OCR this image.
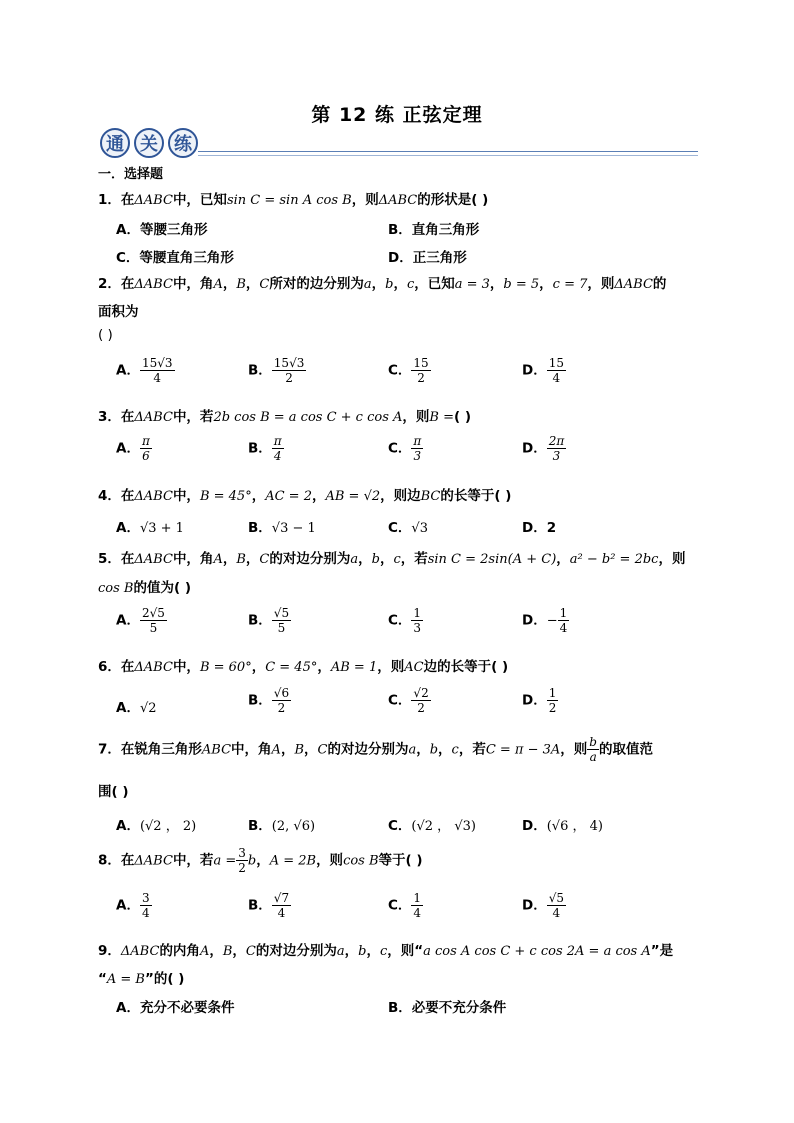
第 12 练 正弦定理
通 关 练
一．选择题
1．在ΔABC中，已知sin C = sin A cos B，则ΔABC的形状是( )
A．等腰三角形	B．直角三角形
C．等腰直角三角形	D．正三角形
2．在ΔABC中，角A，B，C所对的边分别为a，b，c，已知a = 3，b = 5，c = 7，则ΔABC的
面积为
( )
A． $\frac{15√3}{4}$	B． $\frac{15√3}{2}$	C． $\frac{15}{2}$	D． $\frac{15}{4}$
3．在ΔABC中，若2b cos B = a cos C + c cos A，则B =( )
A． $\frac{\pi}{6}$	B． $\frac{\pi}{4}$	C． $\frac{\pi}{3}$	D． $\frac{2\pi}{3}$
4．在ΔABC中，B = 45°，AC = 2，AB = √2，则边BC的长等于( )
A．√3 + 1	B．√3 − 1	C．√3	D．2
5．在ΔABC中，角A，B，C的对边分别为a，b，c，若sin C = 2sin(A + C)，a² − b² = 2bc，则
cos B的值为( )
A． $\frac{2√5}{5}$	B． $\frac{√5}{5}$	C． $\frac{1}{3}$	D．− $\frac{1}{4}$
6．在ΔABC中，B = 60°，C = 45°，AB = 1，则AC边的长等于( )
A．√2	B． $\frac{√6}{2}$	C． $\frac{√2}{2}$	D． $\frac{1}{2}$
7．在锐角三角形ABC中，角A，B，C的对边分别为a，b，c，若C = π − 3A，则 $\frac{b}{a}$ 的取值范
围( )
A．(√2 ， 2)	B．(2, √6)	C．(√2 ， √3)	D．(√6 ， 4)
8．在ΔABC中，若$a = \frac{3}{2}$ b，A = 2B，则cos B等于( )
A． $\frac{3}{4}$	B． $\frac{√7}{4}$	C． $\frac{1}{4}$	D． $\frac{√5}{4}$
9．ΔABC的内角A，B，C的对边分别为a，b，c，则“a cos A cos C + c cos 2A = a cos A”是
“A = B”的( )
A．充分不必要条件	B．必要不充分条件
